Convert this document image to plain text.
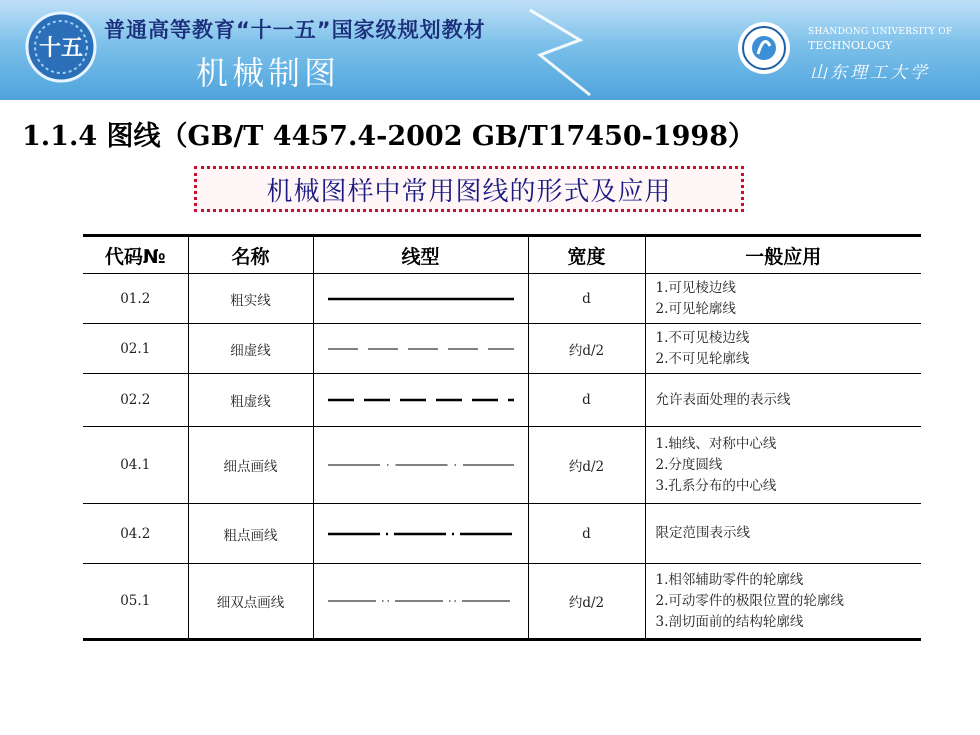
十五
普通高等教育“十一五”国家级规划教材
机械制图
SHANDONG UNIVERSITY OF
TECHNOLOGY
山东理工大学
1.1.4 图线（GB/T 4457.4-2002 GB/T17450-1998）
机械图样中常用图线的形式及应用
代码№	名称	线型	宽度	一般应用
01.2	粗实线		d	1.可见棱边线
2.可见轮廓线

02.1	细虚线		约d/2	1.不可见棱边线
2.不可见轮廓线

02.2	粗虚线		d	允许表面处理的表示线

04.1	细点画线		约d/2	1.轴线、对称中心线
2.分度圆线
3.孔系分布的中心线

04.2	粗点画线		d	限定范围表示线

05.1	细双点画线		约d/2	1.相邻辅助零件的轮廓线
2.可动零件的极限位置的轮廓线
3.剖切面前的结构轮廓线
